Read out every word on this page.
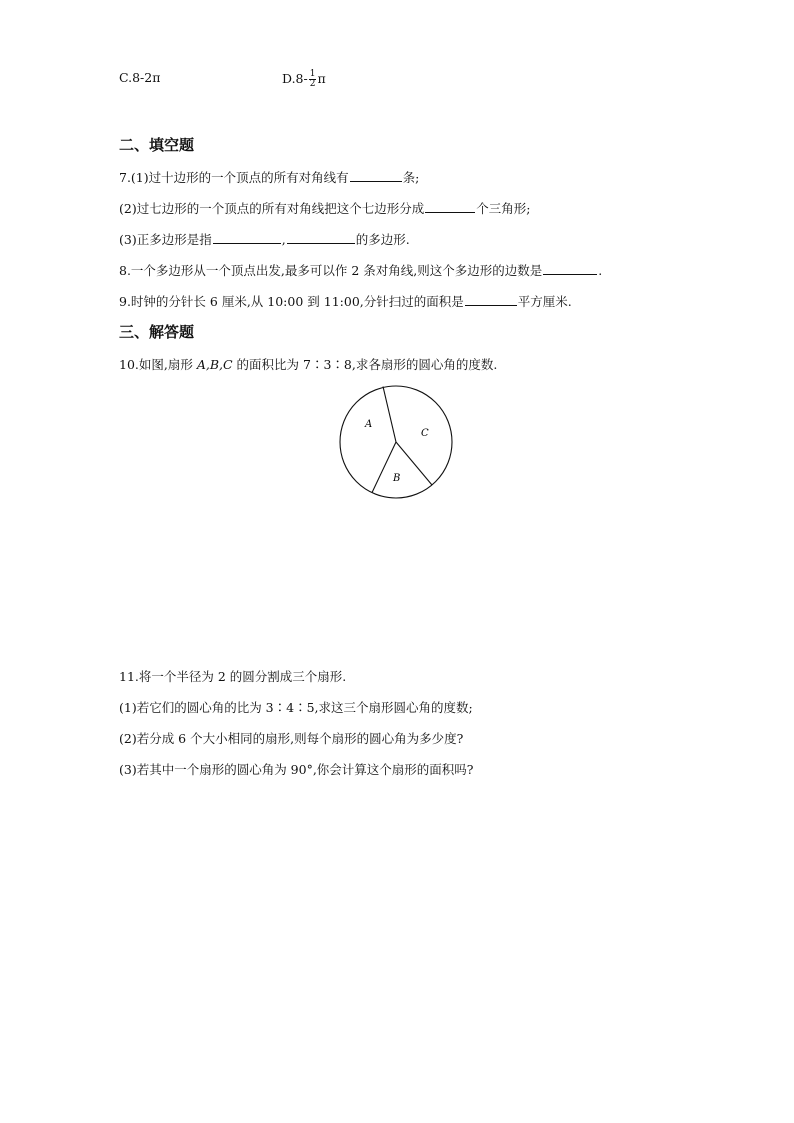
C.8-2π	$D.8- \frac{1}{2}$ π
二、填空题
7.(1)过十边形的一个顶点的所有对角线有	条;
(2)过七边形的一个顶点的所有对角线把这个七边形分成	个三角形;
(3)正多边形是指	,	的多边形.
8.一个多边形从一个顶点出发,最多可以作 2 条对角线,则这个多边形的边数是	.
9.时钟的分针长 6 厘米,从 10:00 到 11:00,分针扫过的面积是	平方厘米.
三、解答题
10.如图,扇形 A,B,C 的面积比为 7∶3∶8,求各扇形的圆心角的度数.
A
C
B
11.将一个半径为 2 的圆分割成三个扇形.
(1)若它们的圆心角的比为 3∶4∶5,求这三个扇形圆心角的度数;
(2)若分成 6 个大小相同的扇形,则每个扇形的圆心角为多少度?
(3)若其中一个扇形的圆心角为 90°,你会计算这个扇形的面积吗?
